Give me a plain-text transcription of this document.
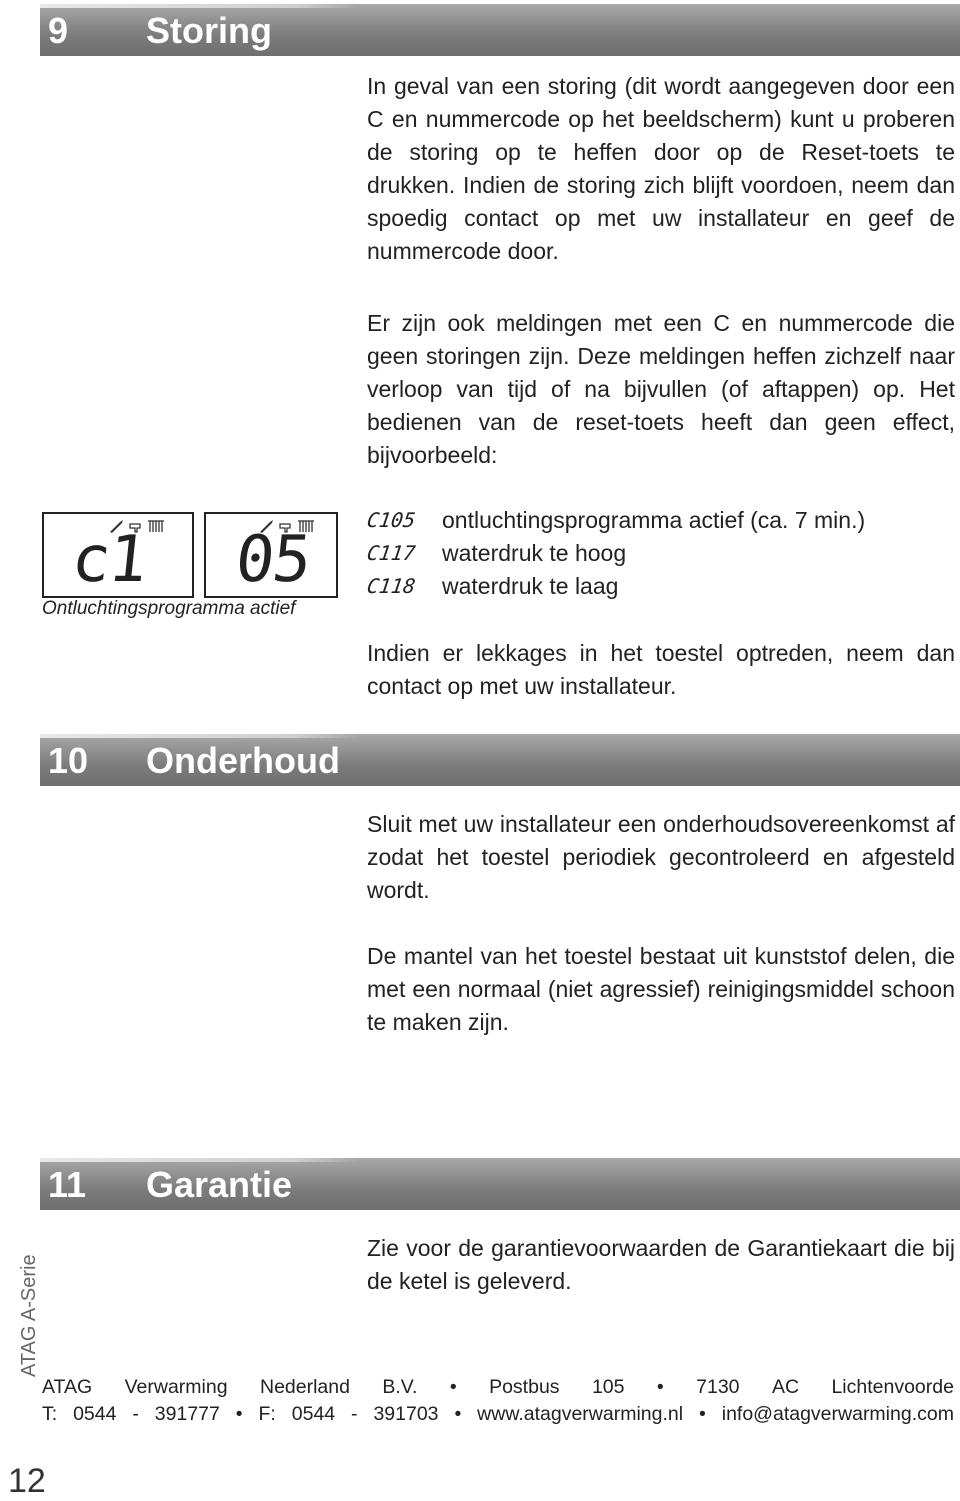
9 Storing
In geval van een storing (dit wordt aangegeven door een C en nummercode op het beeldscherm) kunt u proberen de storing op te heffen door op de Reset-toets te drukken. Indien de storing zich blijft voordoen, neem dan spoedig contact op met uw installateur en geef de nummercode door.
Er zijn ook meldingen met een C en nummercode die geen storingen zijn. Deze meldingen heffen zichzelf naar verloop van tijd of na bijvullen (of aftappen) op. Het bedienen van de reset-toets heeft dan geen effect, bijvoorbeeld:
c1 05
Ontluchtingsprogramma actief
C105	ontluchtingsprogramma actief (ca. 7 min.)
C117	waterdruk te hoog
C118	waterdruk te laag
Indien er lekkages in het toestel optreden, neem dan contact op met uw installateur.
10 Onderhoud
Sluit met uw installateur een onderhoudsovereenkomst af zodat het toestel periodiek gecontroleerd en afgesteld wordt.
De mantel van het toestel bestaat uit kunststof delen, die met een normaal (niet agressief) reinigingsmiddel schoon te maken zijn.
11 Garantie
Zie voor de garantievoorwaarden de Garantiekaart die bij de ketel is geleverd.
ATAG Verwarming Nederland B.V. • Postbus 105 • 7130 AC Lichtenvoorde
T: 0544 - 391777 • F: 0544 - 391703 • www.atagverwarming.nl • info@atagverwarming.com
ATAG A-Serie
12
